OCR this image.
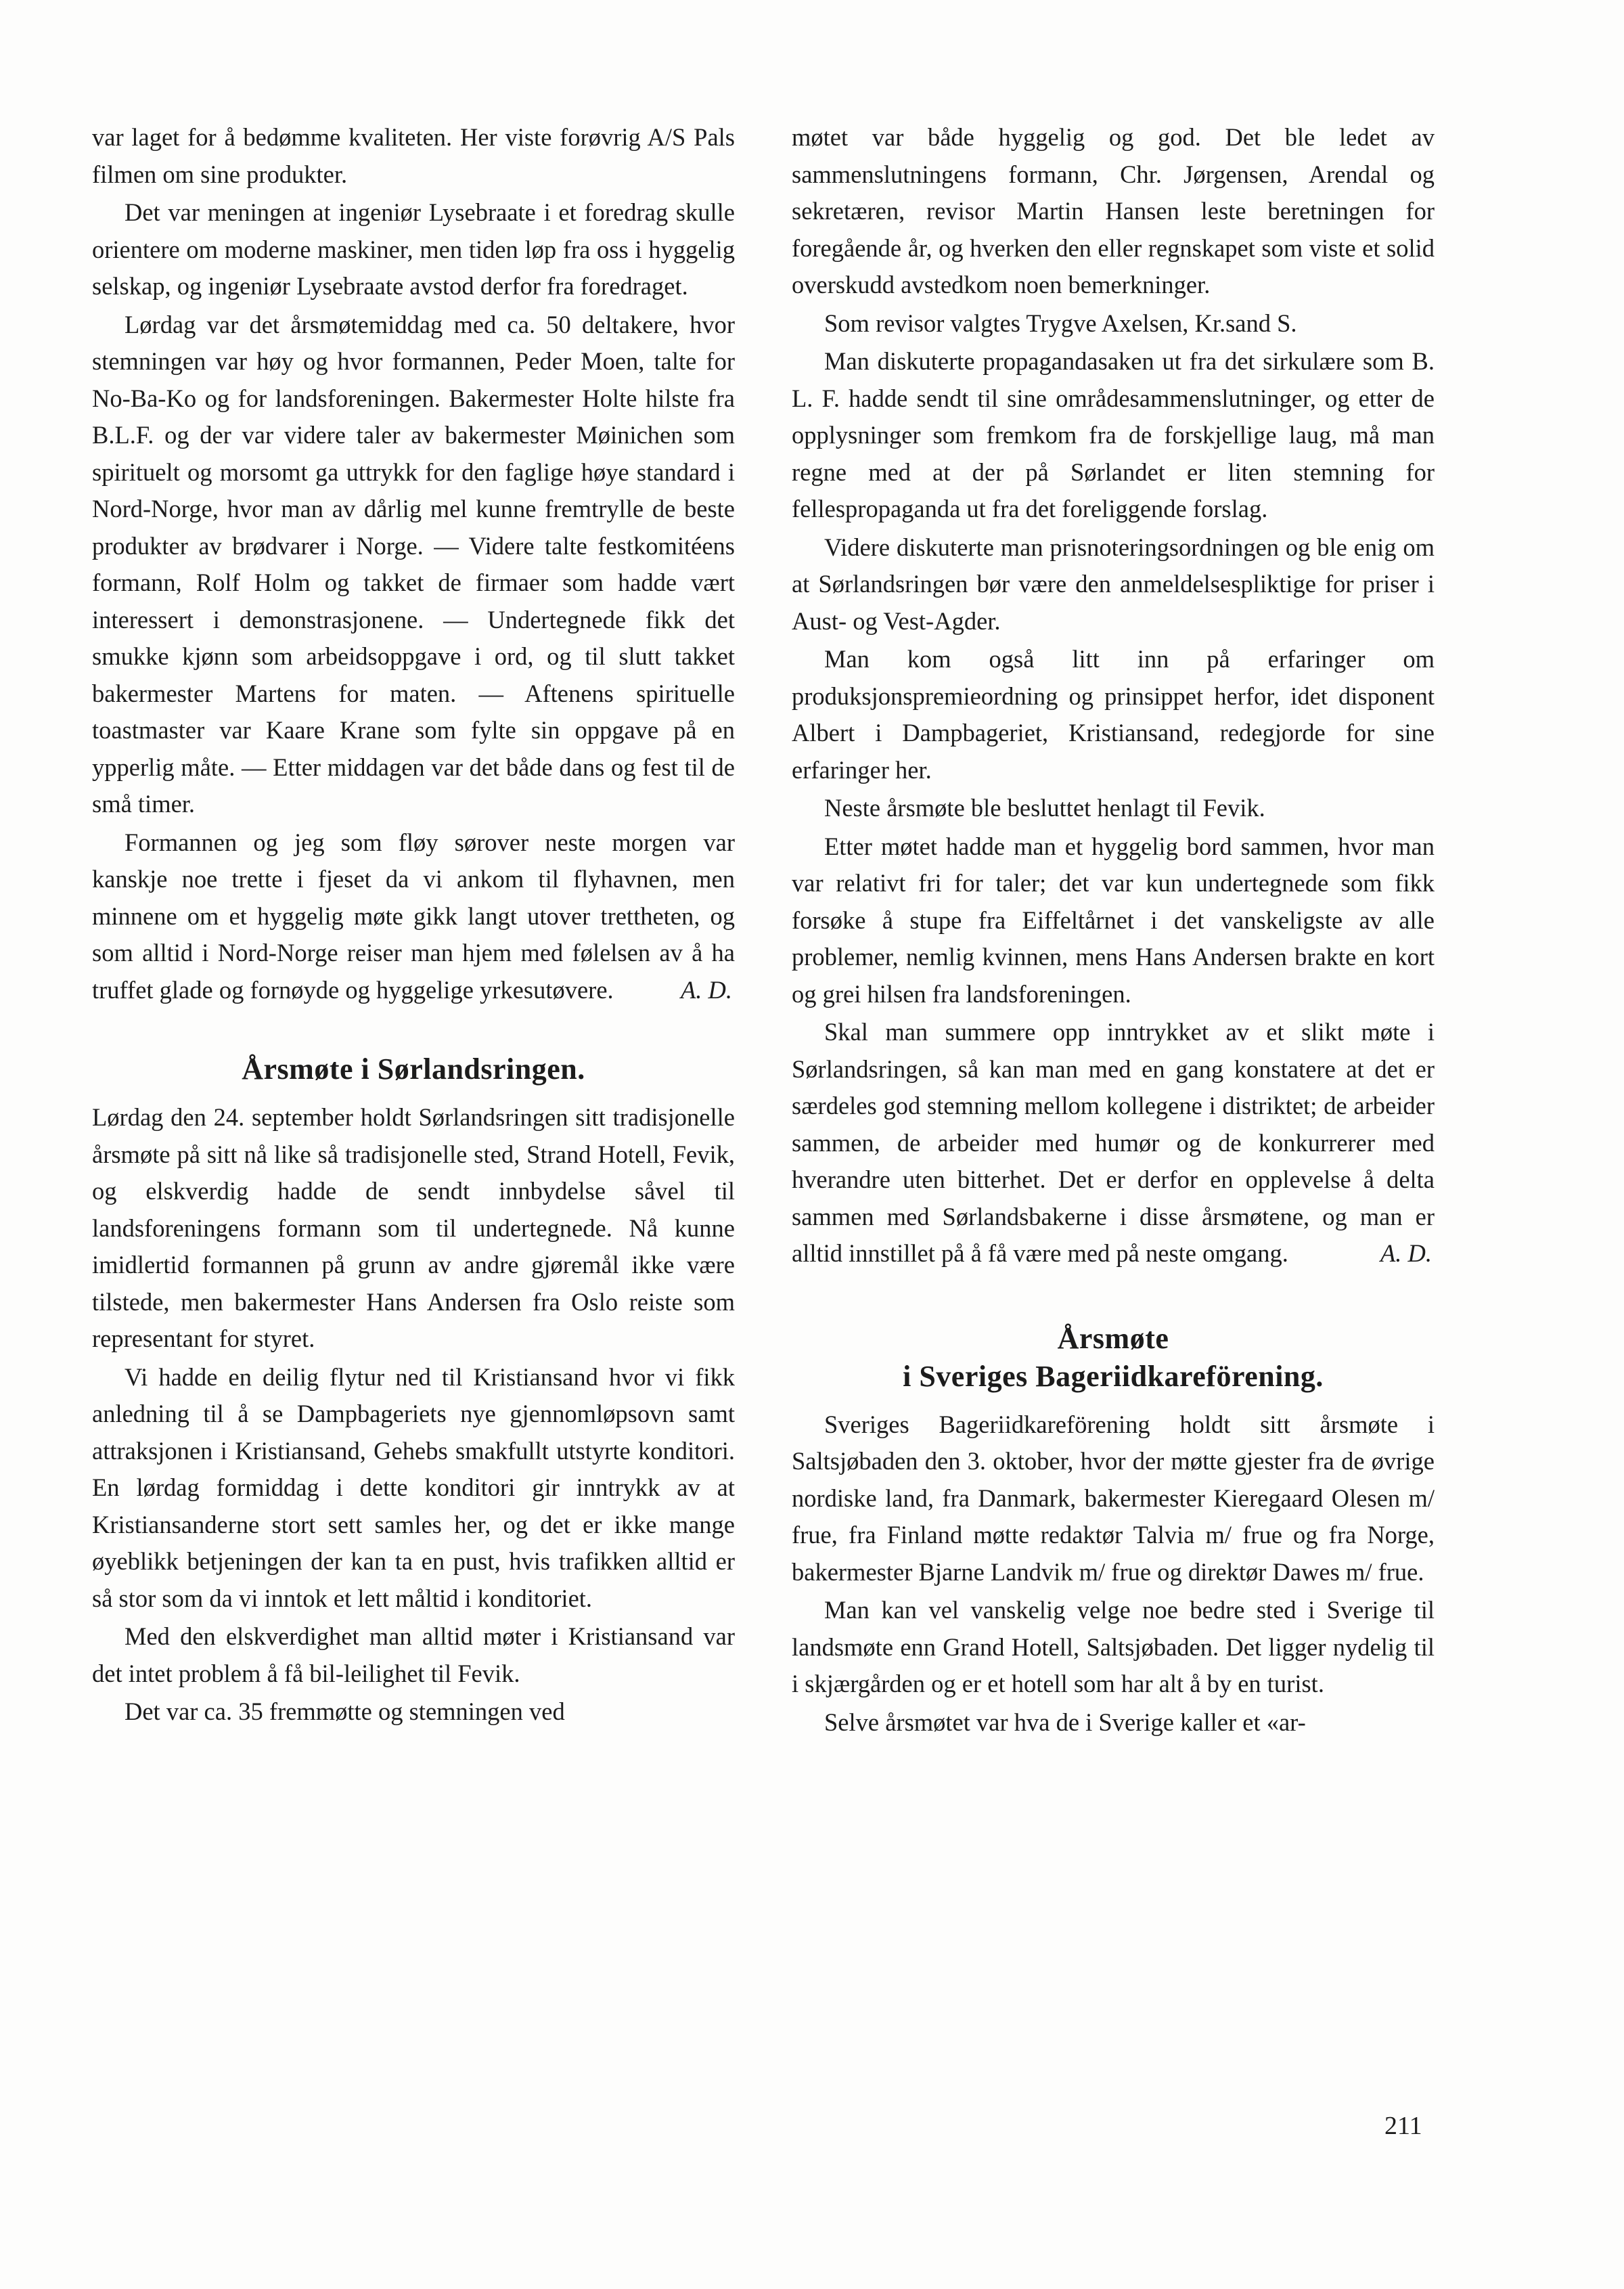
var laget for å bedømme kvaliteten. Her viste forøvrig A/S Pals filmen om sine produkter.

Det var meningen at ingeniør Lysebraate i et foredrag skulle orientere om moderne maskiner, men tiden løp fra oss i hyggelig selskap, og ingeniør Lysebraate avstod derfor fra foredraget.

Lørdag var det årsmøtemiddag med ca. 50 deltakere, hvor stemningen var høy og hvor formannen, Peder Moen, talte for No-Ba-Ko og for landsforeningen. Bakermester Holte hilste fra B.L.F. og der var videre taler av bakermester Møinichen som spirituelt og morsomt ga uttrykk for den faglige høye standard i Nord-Norge, hvor man av dårlig mel kunne fremtrylle de beste produkter av brødvarer i Norge. — Videre talte festkomitéens formann, Rolf Holm og takket de firmaer som hadde vært interessert i demonstrasjonene. — Undertegnede fikk det smukke kjønn som arbeidsoppgave i ord, og til slutt takket bakermester Martens for maten. — Aftenens spirituelle toastmaster var Kaare Krane som fylte sin oppgave på en ypperlig måte. — Etter middagen var det både dans og fest til de små timer.

Formannen og jeg som fløy sørover neste morgen var kanskje noe trette i fjeset da vi ankom til flyhavnen, men minnene om et hyggelig møte gikk langt utover trettheten, og som alltid i Nord-Norge reiser man hjem med følelsen av å ha truffet glade og fornøyde og hyggelige yrkesutøvere.	A. D.

Årsmøte i Sørlandsringen.

Lørdag den 24. september holdt Sørlandsringen sitt tradisjonelle årsmøte på sitt nå like så tradisjonelle sted, Strand Hotell, Fevik, og elskverdig hadde de sendt innbydelse såvel til landsforeningens formann som til undertegnede. Nå kunne imidlertid formannen på grunn av andre gjøremål ikke være tilstede, men bakermester Hans Andersen fra Oslo reiste som representant for styret.

Vi hadde en deilig flytur ned til Kristiansand hvor vi fikk anledning til å se Dampbageriets nye gjennomløpsovn samt attraksjonen i Kristiansand, Gehebs smakfullt utstyrte konditori. En lørdag formiddag i dette konditori gir inntrykk av at Kristiansanderne stort sett samles her, og det er ikke mange øyeblikk betjeningen der kan ta en pust, hvis trafikken alltid er så stor som da vi inntok et lett måltid i konditoriet.

Med den elskverdighet man alltid møter i Kristiansand var det intet problem å få bil-leilighet til Fevik.

Det var ca. 35 fremmøtte og stemningen ved

møtet var både hyggelig og god. Det ble ledet av sammenslutningens formann, Chr. Jørgensen, Arendal og sekretæren, revisor Martin Hansen leste beretningen for foregående år, og hverken den eller regnskapet som viste et solid overskudd avstedkom noen bemerkninger.

Som revisor valgtes Trygve Axelsen, Kr.sand S.

Man diskuterte propagandasaken ut fra det sirkulære som B. L. F. hadde sendt til sine områdesammenslutninger, og etter de opplysninger som fremkom fra de forskjellige laug, må man regne med at der på Sørlandet er liten stemning for fellespropaganda ut fra det foreliggende forslag.

Videre diskuterte man prisnoteringsordningen og ble enig om at Sørlandsringen bør være den anmeldelsespliktige for priser i Aust- og Vest-Agder.

Man kom også litt inn på erfaringer om produksjonspremieordning og prinsippet herfor, idet disponent Albert i Dampbageriet, Kristiansand, redegjorde for sine erfaringer her.

Neste årsmøte ble besluttet henlagt til Fevik.

Etter møtet hadde man et hyggelig bord sammen, hvor man var relativt fri for taler; det var kun undertegnede som fikk forsøke å stupe fra Eiffeltårnet i det vanskeligste av alle problemer, nemlig kvinnen, mens Hans Andersen brakte en kort og grei hilsen fra landsforeningen.

Skal man summere opp inntrykket av et slikt møte i Sørlandsringen, så kan man med en gang konstatere at det er særdeles god stemning mellom kollegene i distriktet; de arbeider sammen, de arbeider med humør og de konkurrerer med hverandre uten bitterhet. Det er derfor en opplevelse å delta sammen med Sørlandsbakerne i disse årsmøtene, og man er alltid innstillet på å få være med på neste omgang.	A. D.

Årsmøte
i Sveriges Bageriidkareförening.

Sveriges Bageriidkareförening holdt sitt årsmøte i Saltsjøbaden den 3. oktober, hvor der møtte gjester fra de øvrige nordiske land, fra Danmark, bakermester Kieregaard Olesen m/ frue, fra Finland møtte redaktør Talvia m/ frue og fra Norge, bakermester Bjarne Landvik m/ frue og direktør Dawes m/ frue.

Man kan vel vanskelig velge noe bedre sted i Sverige til landsmøte enn Grand Hotell, Saltsjøbaden. Det ligger nydelig til i skjærgården og er et hotell som har alt å by en turist.

Selve årsmøtet var hva de i Sverige kaller et «ar-

211
